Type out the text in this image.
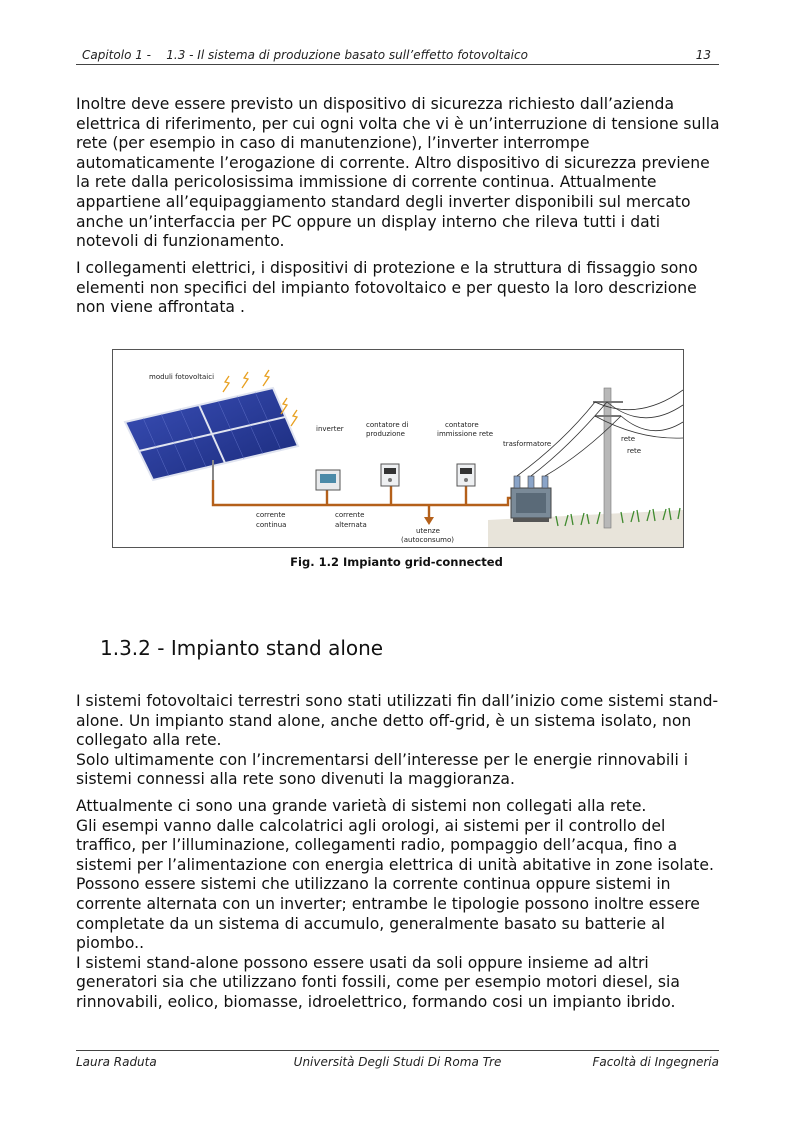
Capitolo 1 - 1.3 - Il sistema di produzione basato sull’effetto fotovoltaico	13

Inoltre deve essere previsto un dispositivo di sicurezza richiesto dall’azienda elettrica di riferimento, per cui ogni volta che vi è un’interruzione di tensione sulla rete (per esempio in caso di manutenzione), l’inverter interrompe automaticamente l’erogazione di corrente. Altro dispositivo di sicurezza previene la rete dalla pericolosissima immissione di corrente continua. Attualmente appartiene all’equipaggiamento standard degli inverter disponibili sul mercato anche un’interfaccia per PC oppure un display interno che rileva tutti i dati notevoli di funzionamento.

I collegamenti elettrici, i dispositivi di protezione e la struttura di fissaggio sono elementi non specifici del impianto fotovoltaico e per questo la loro descrizione non viene affrontata .

moduli fotovoltaici
inverter	contatore di
produzione
contatore
immissione rete
trasformatore
rete
rete
corrente
continua
corrente
alternata
utenze
(autoconsumo)
Fig. 1.2 Impianto grid-connected
1.3.2 - Impianto stand alone

I sistemi fotovoltaici terrestri sono stati utilizzati fin dall’inizio come sistemi stand-alone. Un impianto stand alone, anche detto off-grid, è un sistema isolato, non collegato alla rete.

Solo ultimamente con l’incrementarsi dell’interesse per le energie rinnovabili i sistemi connessi alla rete sono divenuti la maggioranza.

Attualmente ci sono una grande varietà di sistemi non collegati alla rete.

Gli esempi vanno dalle calcolatrici agli orologi, ai sistemi per il controllo del traffico, per l’illuminazione, collegamenti radio, pompaggio dell’acqua, fino a sistemi per l’alimentazione con energia elettrica di unità abitative in zone isolate.

Possono essere sistemi che utilizzano la corrente continua oppure sistemi in corrente alternata con un inverter; entrambe le tipologie possono inoltre essere completate da un sistema di accumulo, generalmente basato su batterie al piombo..

I sistemi stand-alone possono essere usati da soli oppure insieme ad altri generatori sia che utilizzano fonti fossili, come per esempio motori diesel, sia rinnovabili, eolico, biomasse, idroelettrico, formando cosi un impianto ibrido.

Laura Raduta	Università Degli Studi Di Roma Tre	Facoltà di Ingegneria
